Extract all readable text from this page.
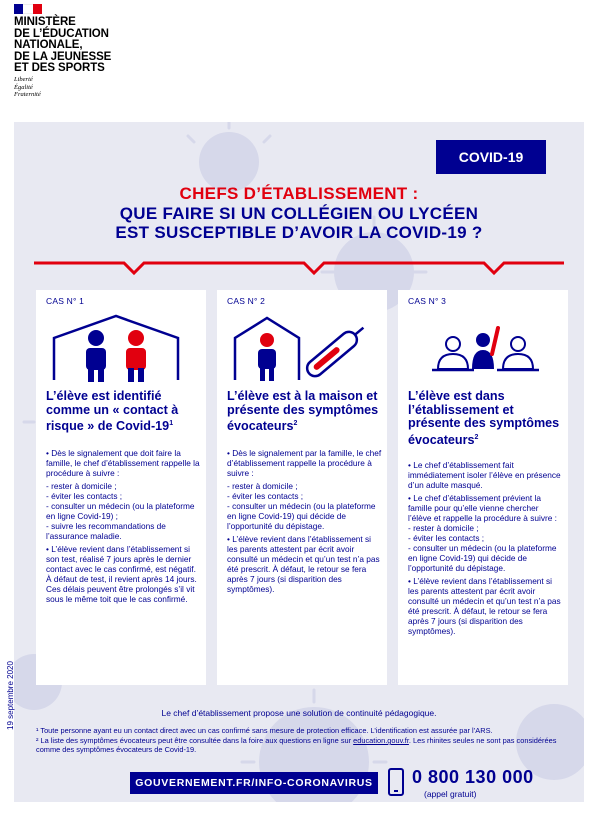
MINISTÈRE
DE L’ÉDUCATION
NATIONALE,
DE LA JEUNESSE
ET DES SPORTS
Liberté
Égalité
Fraternité
COVID-19
CHEFS D’ÉTABLISSEMENT :
QUE FAIRE SI UN COLLÉGIEN OU LYCÉEN
EST SUSCEPTIBLE D’AVOIR LA COVID-19 ?
CAS N° 1
L’élève est identifié comme un « contact à risque » de Covid-$19^1$

• Dès le signalement que doit faire la famille, le chef d’établissement rappelle la procédure à suivre :

- rester à domicile ;
- éviter les contacts ;
- consulter un médecin (ou la plateforme en ligne Covid-19) ;

- suivre les recommandations de l’assurance maladie.

• L’élève revient dans l’établissement si son test, réalisé 7 jours après le dernier contact avec le cas confirmé, est négatif. À défaut de test, il revient après 14 jours. Ces délais peuvent être prolongés s’il vit sous le même toit que le cas confirmé.

CAS N° 2
L’élève est à la maison et présente des symptômes évocateurs$^2$

• Dès le signalement par la famille, le chef d’établissement rappelle la procédure à suivre :

- rester à domicile ;
- éviter les contacts ;

- consulter un médecin (ou la plateforme en ligne Covid-19) qui décide de l’opportunité du dépistage.

• L’élève revient dans l’établissement si les parents attestent par écrit avoir consulté un médecin et qu’un test n’a pas été prescrit. À défaut, le retour se fera après 7 jours (si disparition des symptômes).

CAS N° 3
L’élève est dans l’établissement et présente des symptômes évocateurs$^2$

• Le chef d’établissement fait immédiatement isoler l’élève en présence d’un adulte masqué.

• Le chef d’établissement prévient la famille pour qu’elle vienne chercher l’élève et rappelle la procédure à suivre :

- rester à domicile ;
- éviter les contacts ;

- consulter un médecin (ou la plateforme en ligne Covid-19) qui décide de l’opportunité du dépistage.

• L’élève revient dans l’établissement si les parents attestent par écrit avoir consulté un médecin et qu’un test n’a pas été prescrit. À défaut, le retour se fera après 7 jours (si disparition des symptômes).

Le chef d’établissement propose une solution de continuité pédagogique.
¹ Toute personne ayant eu un contact direct avec un cas confirmé sans mesure de protection efficace. L’identification est assurée par l’ARS.
² La liste des symptômes évocateurs peut être consultée dans la foire aux questions en ligne sur education.gouv.fr. Les rhinites seules ne sont pas considérées comme des symptômes évocateurs de Covid-19.
GOUVERNEMENT.FR/INFO-CORONAVIRUS 0 800 130 000
(appel gratuit)
19 septembre 2020
